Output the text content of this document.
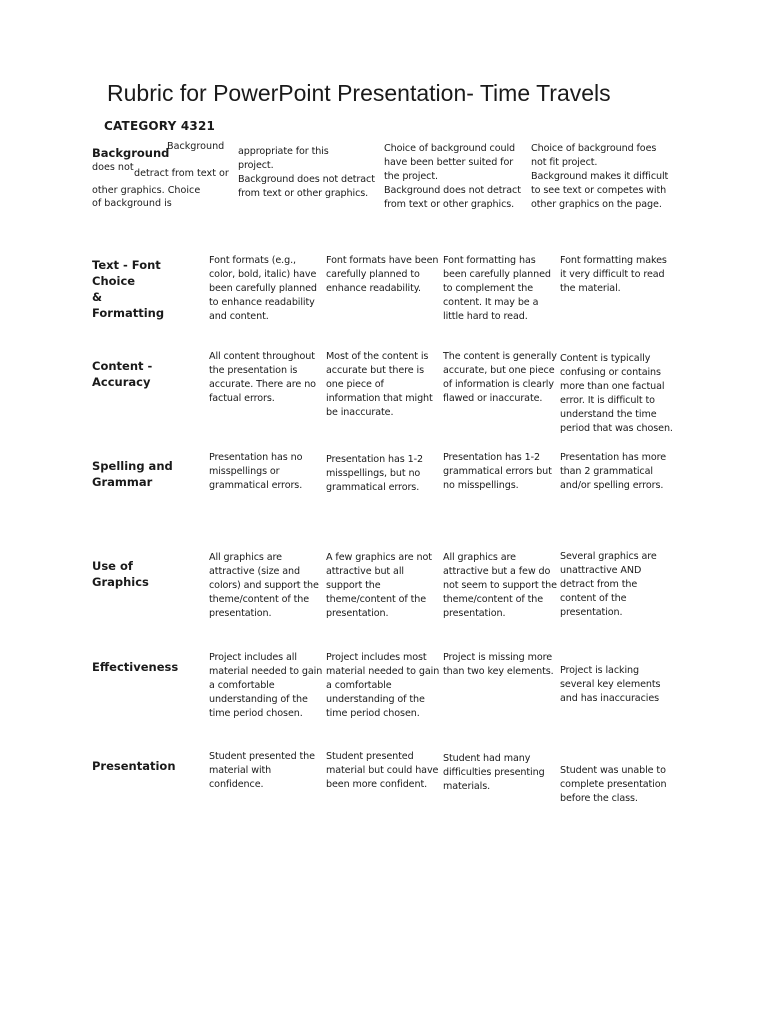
Rubric for PowerPoint Presentation- Time Travels
CATEGORY 4321
Background
Background
does not
detract from text or
other graphics. Choice
of background is
appropriate for this
project.
Background does not detract
from text or other graphics.
Choice of background could
have been better suited for
the project.
Background does not detract
from text or other graphics.
Choice of background foes
not fit project.
Background makes it difficult
to see text or competes with
other graphics on the page.
Text - Font Choice
&
Formatting
Font formats (e.g.,
color, bold, italic) have
been carefully planned
to enhance readability
and content.
Font formats have been
carefully planned to
enhance readability.
Font formatting has
been carefully planned
to complement the
content. It may be a
little hard to read.
Font formatting makes
it very difficult to read
the material.
Content -
Accuracy
All content throughout
the presentation is
accurate. There are no
factual errors.
Most of the content is
accurate but there is
one piece of
information that might
be inaccurate.
The content is generally
accurate, but one piece
of information is clearly
flawed or inaccurate.
Content is typically
confusing or contains
more than one factual
error. It is difficult to
understand the time
period that was chosen.
Spelling and
Grammar
Presentation has no
misspellings or
grammatical errors.
Presentation has 1-2
misspellings, but no
grammatical errors.
Presentation has 1-2
grammatical errors but
no misspellings.
Presentation has more
than 2 grammatical
and/or spelling errors.
Use of
Graphics
All graphics are
attractive (size and
colors) and support the
theme/content of the
presentation.
A few graphics are not
attractive but all
support the
theme/content of the
presentation.
All graphics are
attractive but a few do
not seem to support the
theme/content of the
presentation.
Several graphics are
unattractive AND
detract from the
content of the
presentation.
Effectiveness
Project includes all
material needed to gain
a comfortable
understanding of the
time period chosen.
Project includes most
material needed to gain
a comfortable
understanding of the
time period chosen.
Project is missing more
than two key elements. Project is lacking
several key elements
and has inaccuracies
Presentation
Student presented the
material with
confidence.
Student presented
material but could have
been more confident.
Student had many
difficulties presenting
materials.
Student was unable to
complete presentation
before the class.
